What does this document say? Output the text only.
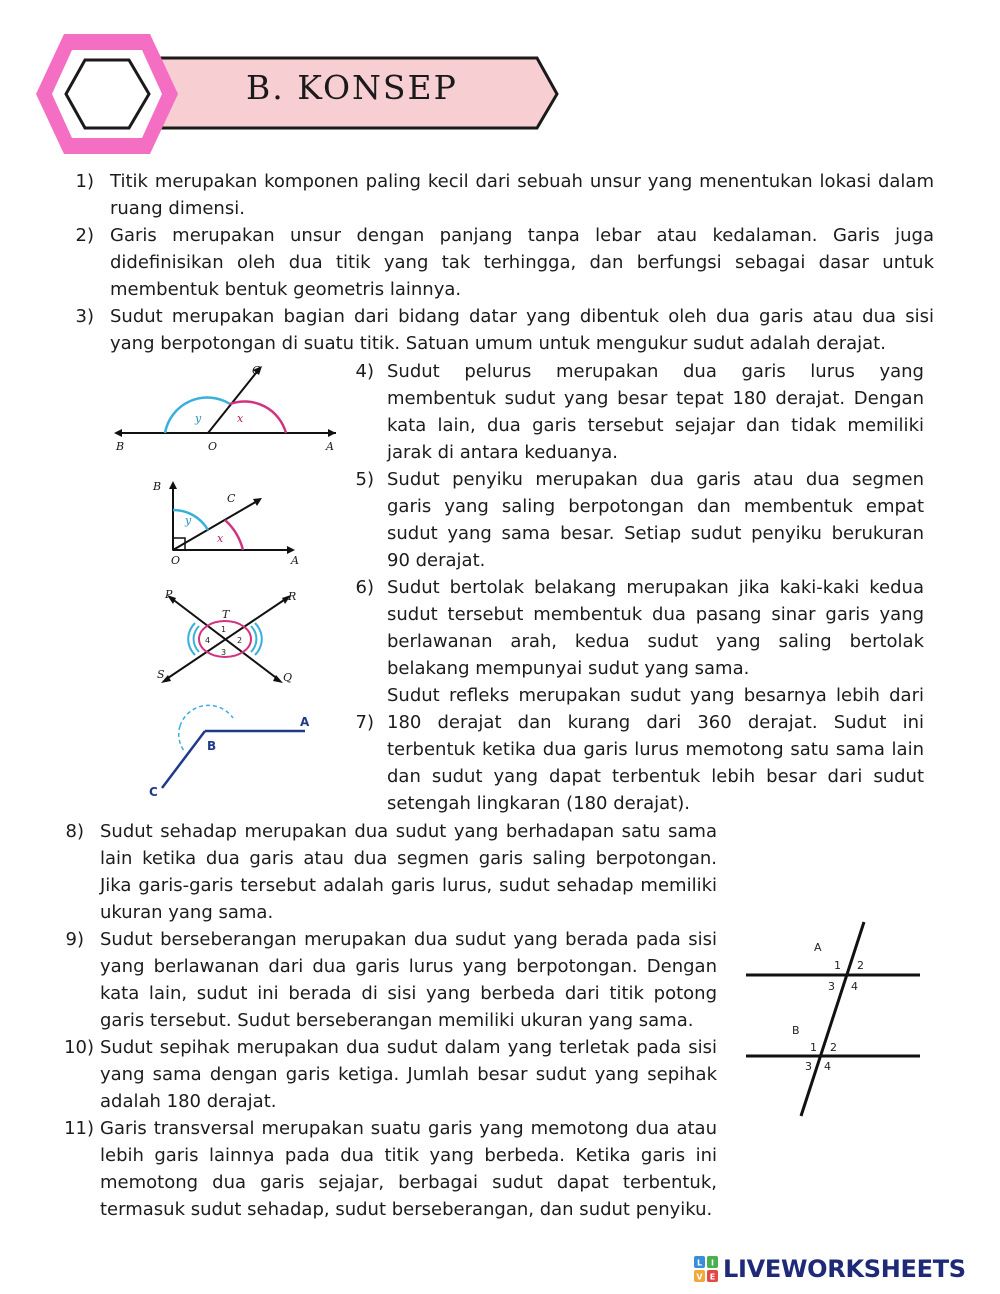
B. KONSEP
1) Titik merupakan komponen paling kecil dari sebuah unsur yang menentukan lokasi dalam ruang dimensi.
2) Garis merupakan unsur dengan panjang tanpa lebar atau kedalaman. Garis juga didefinisikan oleh dua titik yang tak terhingga, dan berfungsi sebagai dasar untuk membentuk bentuk geometris lainnya.
3) Sudut merupakan bagian dari bidang datar yang dibentuk oleh dua garis atau dua sisi yang berpotongan di suatu titik. Satuan umum untuk mengukur sudut adalah derajat.
4) Sudut pelurus merupakan dua garis lurus yang membentuk sudut yang besar tepat 180 derajat. Dengan kata lain, dua garis tersebut sejajar dan tidak memiliki jarak di antara keduanya.
5) Sudut penyiku merupakan dua garis atau dua segmen garis yang saling berpotongan dan membentuk empat sudut yang sama besar. Setiap sudut penyiku berukuran 90 derajat.
6) Sudut bertolak belakang merupakan jika kaki-kaki kedua sudut tersebut membentuk dua pasang sinar garis yang berlawanan arah, kedua sudut yang saling bertolak belakang mempunyai sudut yang sama.
7)
Sudut refleks merupakan sudut yang besarnya lebih dari 180 derajat dan kurang dari 360 derajat. Sudut ini terbentuk ketika dua garis lurus memotong satu sama lain dan sudut yang dapat terbentuk lebih besar dari sudut setengah lingkaran (180 derajat).
8) Sudut sehadap merupakan dua sudut yang berhadapan satu sama lain ketika dua garis atau dua segmen garis saling berpotongan. Jika garis-garis tersebut adalah garis lurus, sudut sehadap memiliki ukuran yang sama.
9) Sudut berseberangan merupakan dua sudut yang berada pada sisi yang berlawanan dari dua garis lurus yang berpotongan. Dengan kata lain, sudut ini berada di sisi yang berbeda dari titik potong garis tersebut. Sudut berseberangan memiliki ukuran yang sama.
10) Sudut sepihak merupakan dua sudut dalam yang terletak pada sisi yang sama dengan garis ketiga. Jumlah besar sudut yang sepihak adalah 180 derajat.
11) Garis transversal merupakan suatu garis yang memotong dua atau lebih garis lainnya pada dua titik yang berbeda. Ketika garis ini memotong dua garis sejajar, berbagai sudut dapat terbentuk, termasuk sudut sehadap, sudut berseberangan, dan sudut penyiku.
C
B	O	A
y	x
B
C
y
x
O	A
P	R
T
S	Q
1
2
3
4
A
B
C
A
1 2
3 4
B
1 2
3 4
L I
V E LIVEWORKSHEETS
